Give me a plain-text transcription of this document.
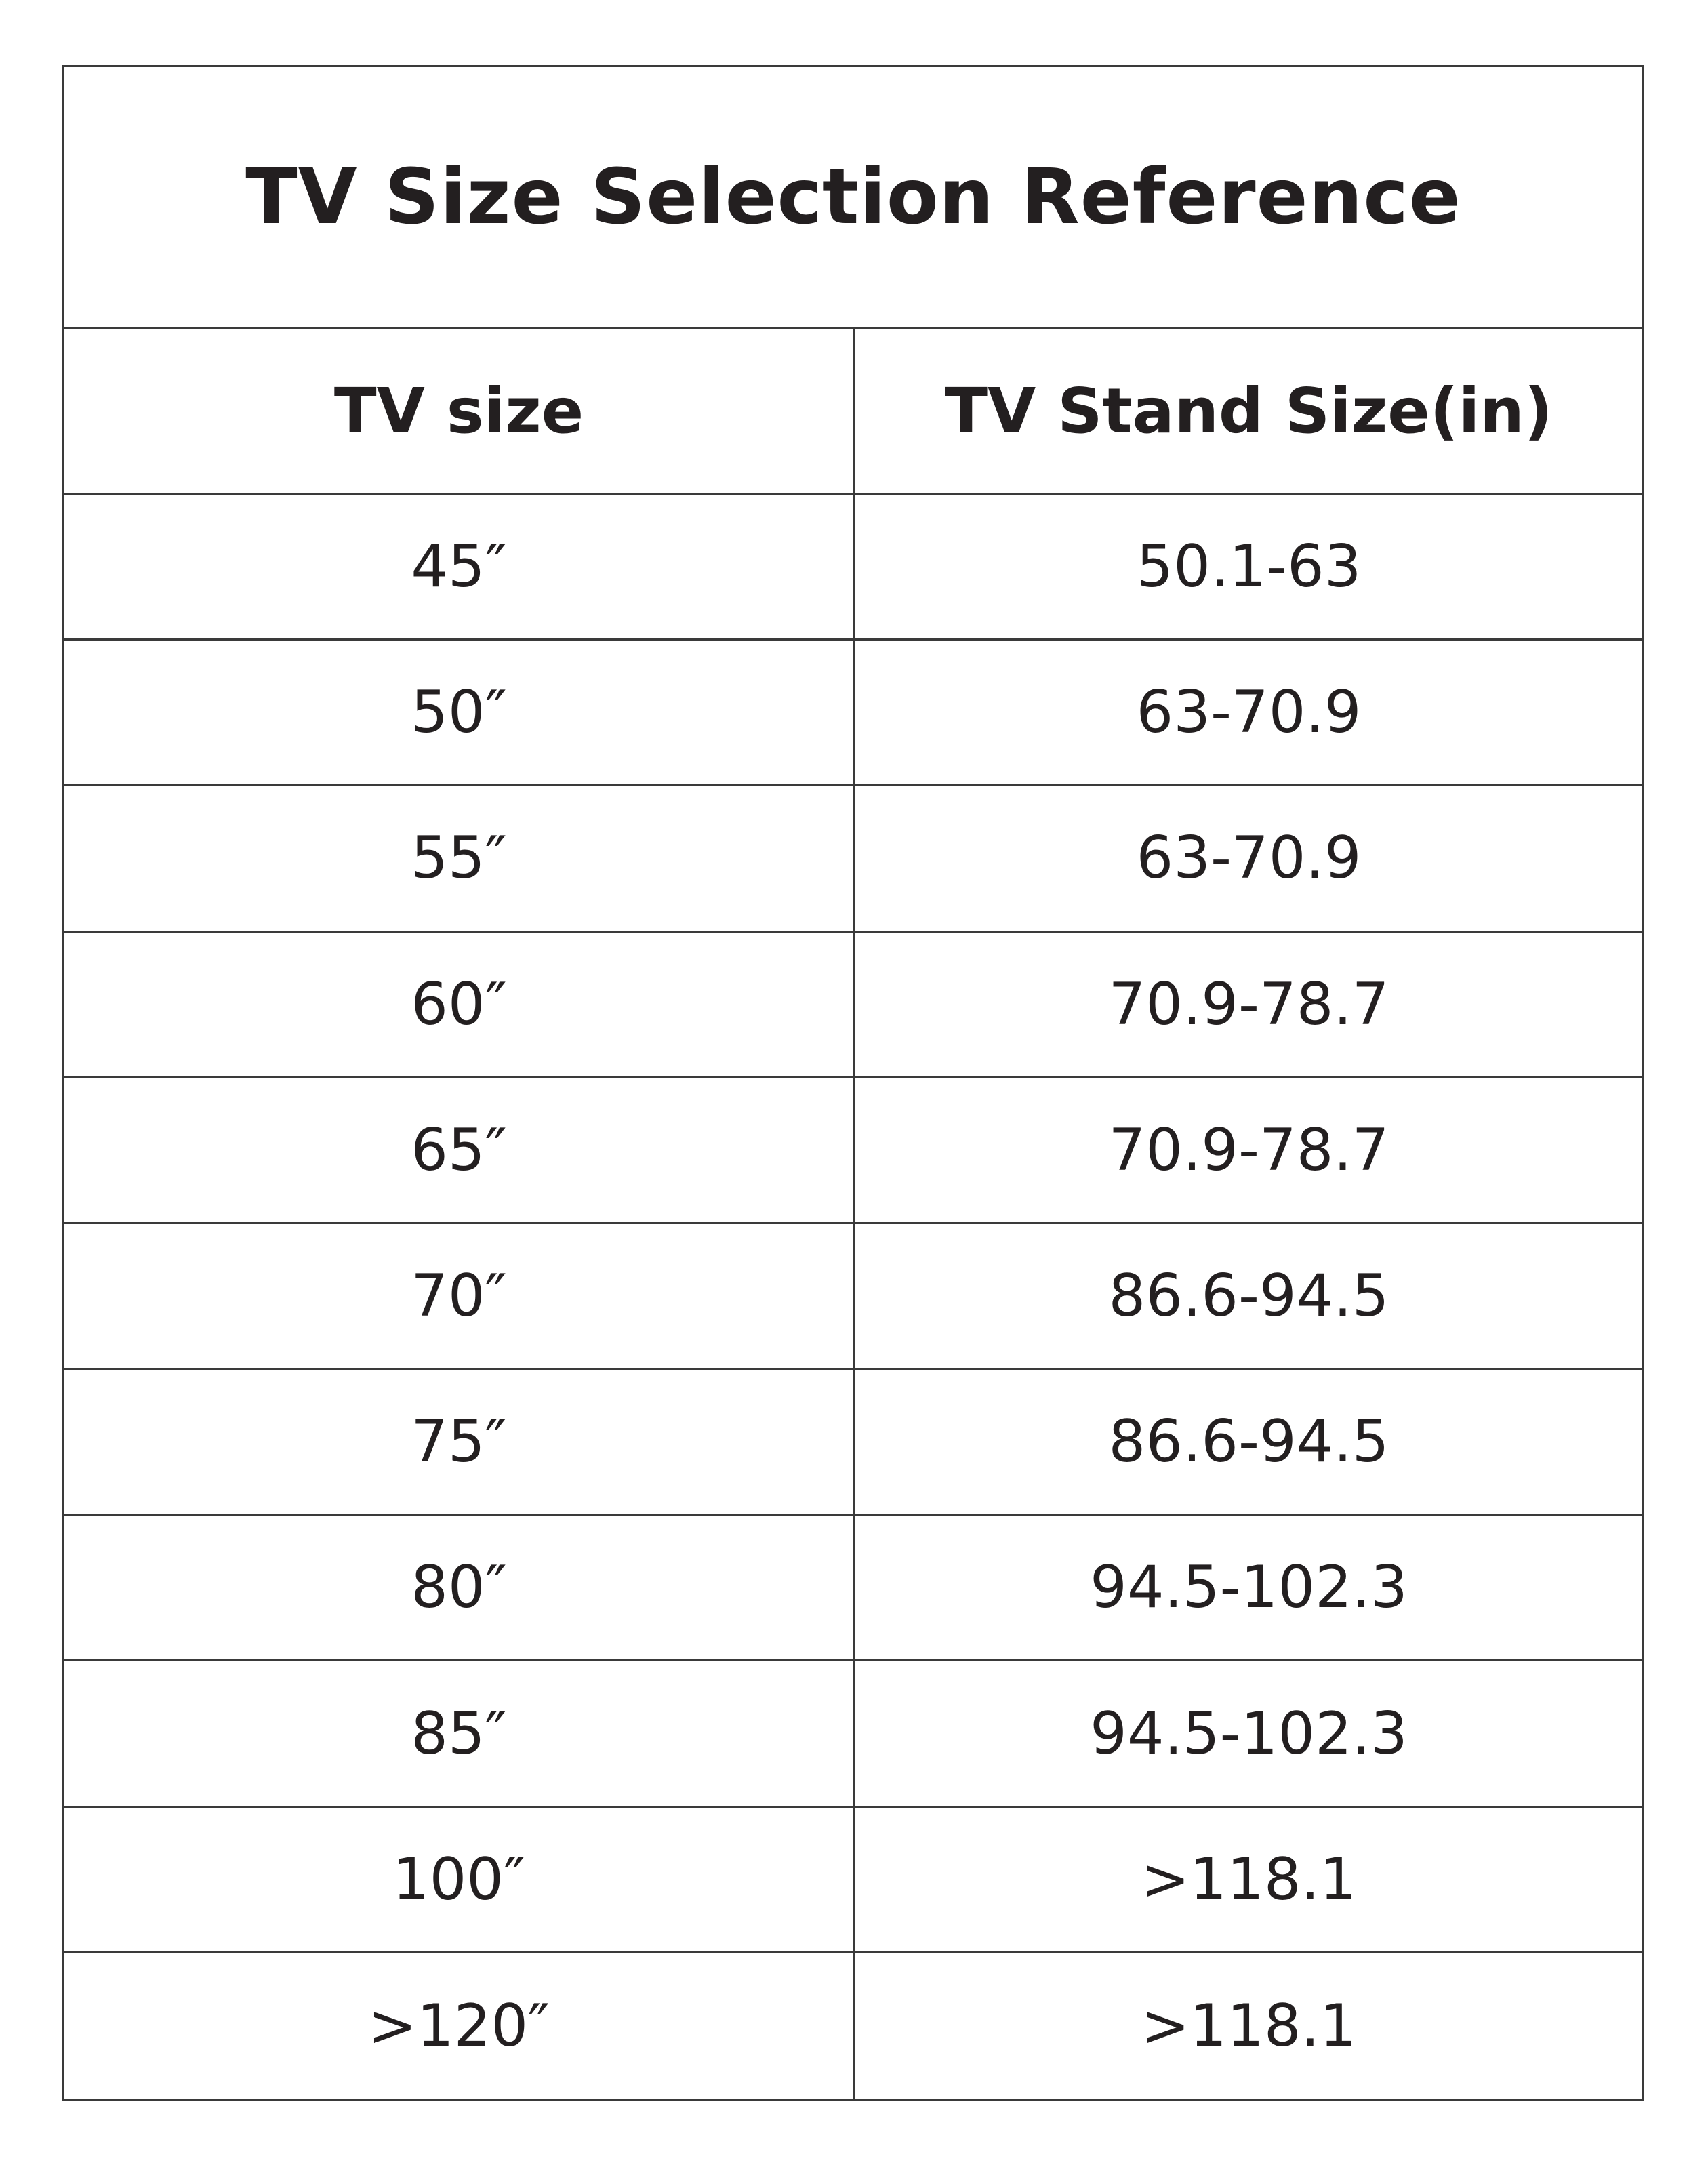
TV Size Selection Reference
TV size	TV Stand Size(in)
45″	50.1-63
50″	63-70.9
55″	63-70.9
60″	70.9-78.7
65″	70.9-78.7
70″	86.6-94.5
75″	86.6-94.5
80″	94.5-102.3
85″	94.5-102.3
100″	>118.1
>120″	>118.1
